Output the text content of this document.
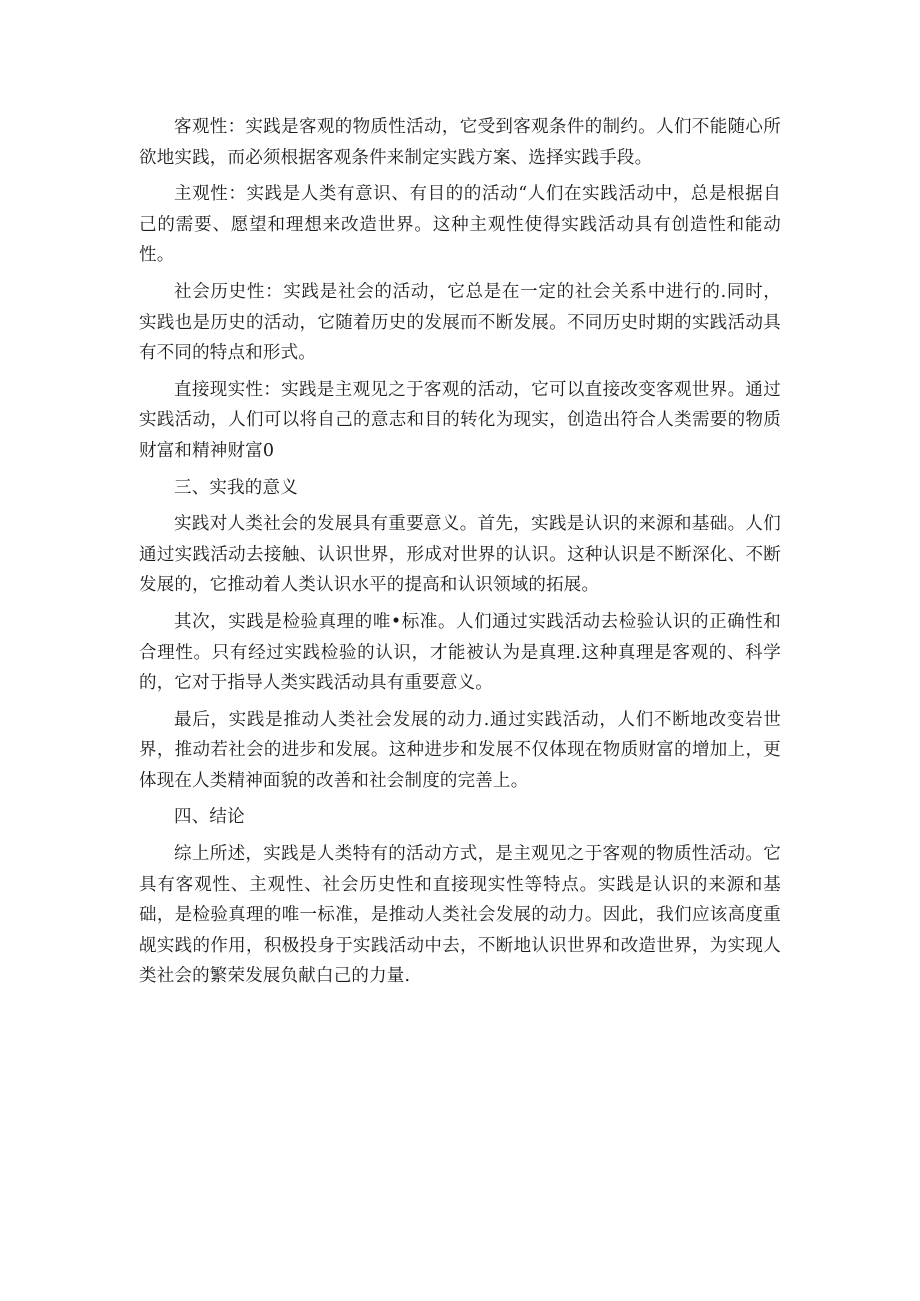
客观性：实践是客观的物质性活动，它受到客观条件的制约。人们不能随心所欲地实践，而必须根据客观条件来制定实践方案、选择实践手段。

主观性：实践是人类有意识、有目的的活动“人们在实践活动中，总是根据自己的需要、愿望和理想来改造世界。这种主观性使得实践活动具有创造性和能动性。

社会历史性：实践是社会的活动，它总是在一定的社会关系中进行的.同时，实践也是历史的活动，它随着历史的发展而不断发展。不同历史时期的实践活动具有不同的特点和形式。

直接现实性：实践是主观见之于客观的活动，它可以直接改变客观世界。通过实践活动，人们可以将自己的意志和目的转化为现实，创造出符合人类需要的物质财富和精神财富0

三、实我的意义

实践对人类社会的发展具有重要意义。首先，实践是认识的来源和基础。人们通过实践活动去接触、认识世界，形成对世界的认识。这种认识是不断深化、不断发展的，它推动着人类认识水平的提高和认识领域的拓展。

其次，实践是检验真理的唯•标准。人们通过实践活动去检验认识的正确性和合理性。只有经过实践检验的认识，才能被认为是真理.这种真理是客观的、科学的，它对于指导人类实践活动具有重要意义。

最后，实践是推动人类社会发展的动力.通过实践活动，人们不断地改变岩世界，推动若社会的进步和发展。这种进步和发展不仅体现在物质财富的增加上，更体现在人类精神面貌的改善和社会制度的完善上。

四、结论

综上所述，实践是人类特有的活动方式，是主观见之于客观的物质性活动。它具有客观性、主观性、社会历史性和直接现实性等特点。实践是认识的来源和基础，是检验真理的唯一标准，是推动人类社会发展的动力。因此，我们应该高度重觇实践的作用，积极投身于实践活动中去，不断地认识世界和改造世界，为实现人类社会的繁荣发展负献白己的力量.
